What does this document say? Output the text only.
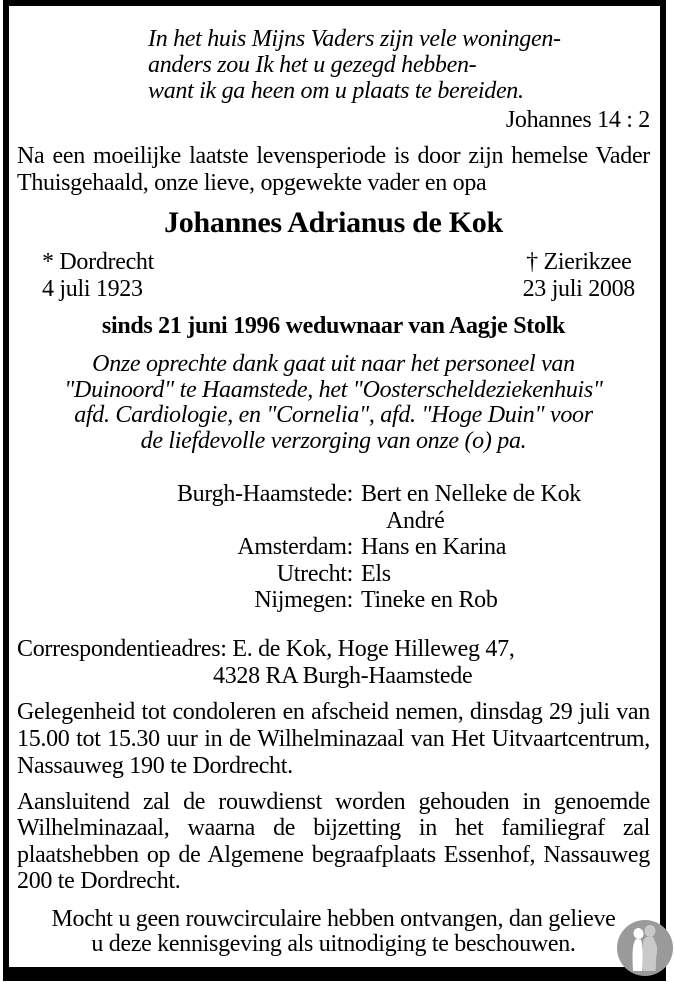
In het huis Mijns Vaders zijn vele woningen-
anders zou Ik het u gezegd hebben-
want ik ga heen om u plaats te bereiden.
Johannes 14 : 2
Na een moeilijke laatste levensperiode is door zijn hemelse Vader Thuisgehaald, onze lieve, opgewekte vader en opa
Johannes Adrianus de Kok
* Dordrecht
4 juli 1923
† Zierikzee
23 juli 2008
sinds 21 juni 1996 weduwnaar van Aagje Stolk
Onze oprechte dank gaat uit naar het personeel van
"Duinoord" te Haamstede, het "Oosterscheldeziekenhuis"
afd. Cardiologie, en "Cornelia", afd. "Hoge Duin" voor
de liefdevolle verzorging van onze (o) pa.
Burgh-Haamstede: Bert en Nelleke de Kok
André
Amsterdam: Hans en Karina
Utrecht: Els
Nijmegen: Tineke en Rob
Correspondentieadres: E. de Kok, Hoge Hilleweg 47,
4328 RA Burgh-Haamstede
Gelegenheid tot condoleren en afscheid nemen, dinsdag 29 juli van 15.00 tot 15.30 uur in de Wilhelminazaal van Het Uitvaartcentrum, Nassauweg 190 te Dordrecht.
Aansluitend zal de rouwdienst worden gehouden in genoemde Wilhelminazaal, waarna de bijzetting in het familiegraf zal plaatshebben op de Algemene begraafplaats Essenhof, Nassauweg 200 te Dordrecht.
Mocht u geen rouwcirculaire hebben ontvangen, dan gelieve
u deze kennisgeving als uitnodiging te beschouwen.
